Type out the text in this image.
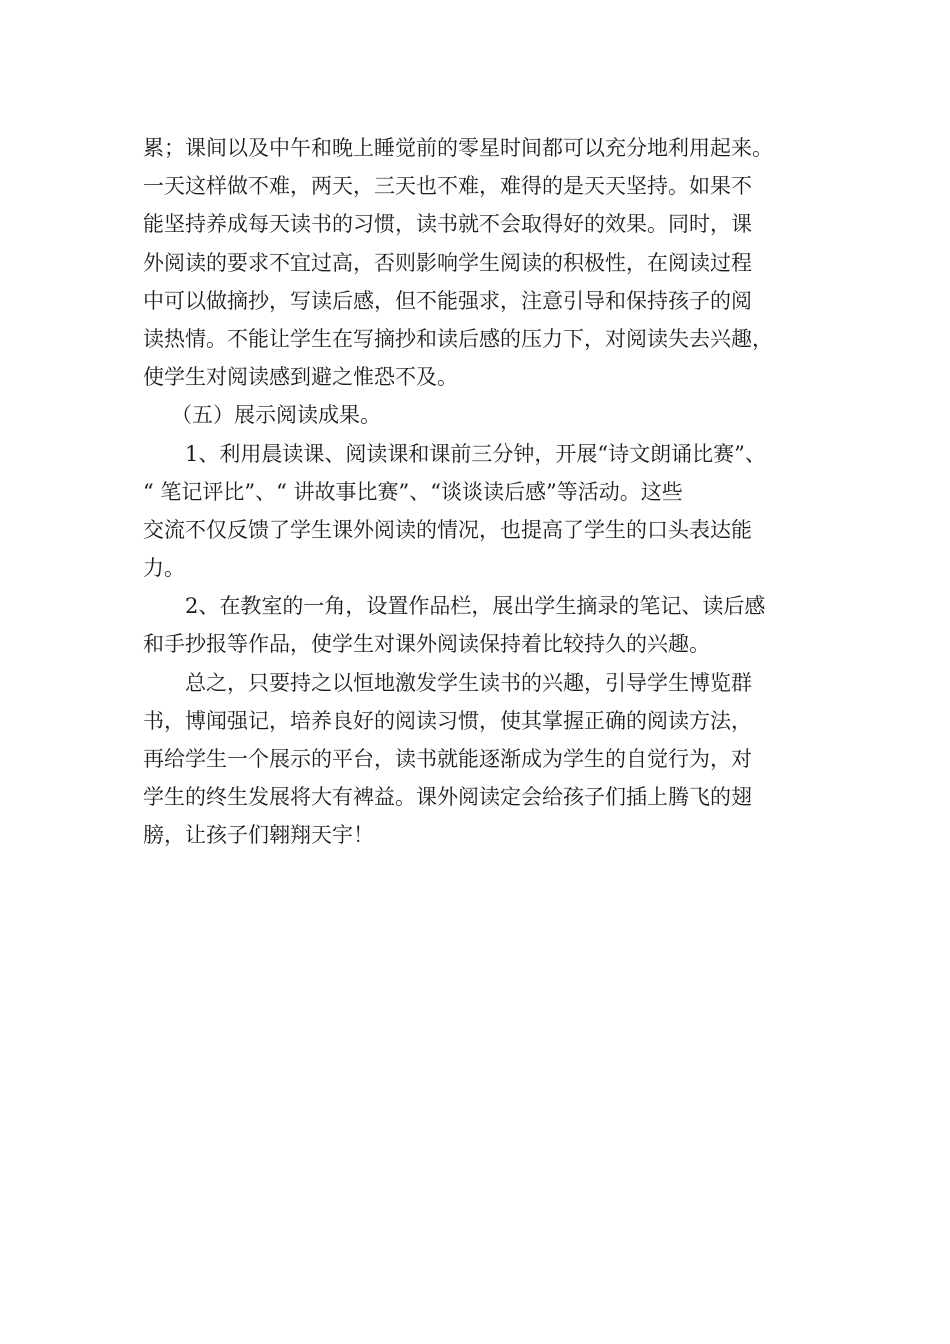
累；课间以及中午和晚上睡觉前的零星时间都可以充分地利用起来。
一天这样做不难，两天，三天也不难，难得的是天天坚持。如果不
能坚持养成每天读书的习惯，读书就不会取得好的效果。同时，课
外阅读的要求不宜过高，否则影响学生阅读的积极性，在阅读过程
中可以做摘抄，写读后感，但不能强求，注意引导和保持孩子的阅
读热情。不能让学生在写摘抄和读后感的压力下，对阅读失去兴趣，
使学生对阅读感到避之惟恐不及。
（五）展示阅读成果。
1、利用晨读课、阅读课和课前三分钟，开展“诗文朗诵比赛”、
“ 笔记评比”、“ 讲故事比赛”、“谈谈读后感”等活动。这些
交流不仅反馈了学生课外阅读的情况，也提高了学生的口头表达能
力。
2、在教室的一角，设置作品栏，展出学生摘录的笔记、读后感
和手抄报等作品，使学生对课外阅读保持着比较持久的兴趣。
总之，只要持之以恒地激发学生读书的兴趣，引导学生博览群
书，博闻强记，培养良好的阅读习惯，使其掌握正确的阅读方法，
再给学生一个展示的平台，读书就能逐渐成为学生的自觉行为，对
学生的终生发展将大有裨益。课外阅读定会给孩子们插上腾飞的翅
膀，让孩子们翱翔天宇！
